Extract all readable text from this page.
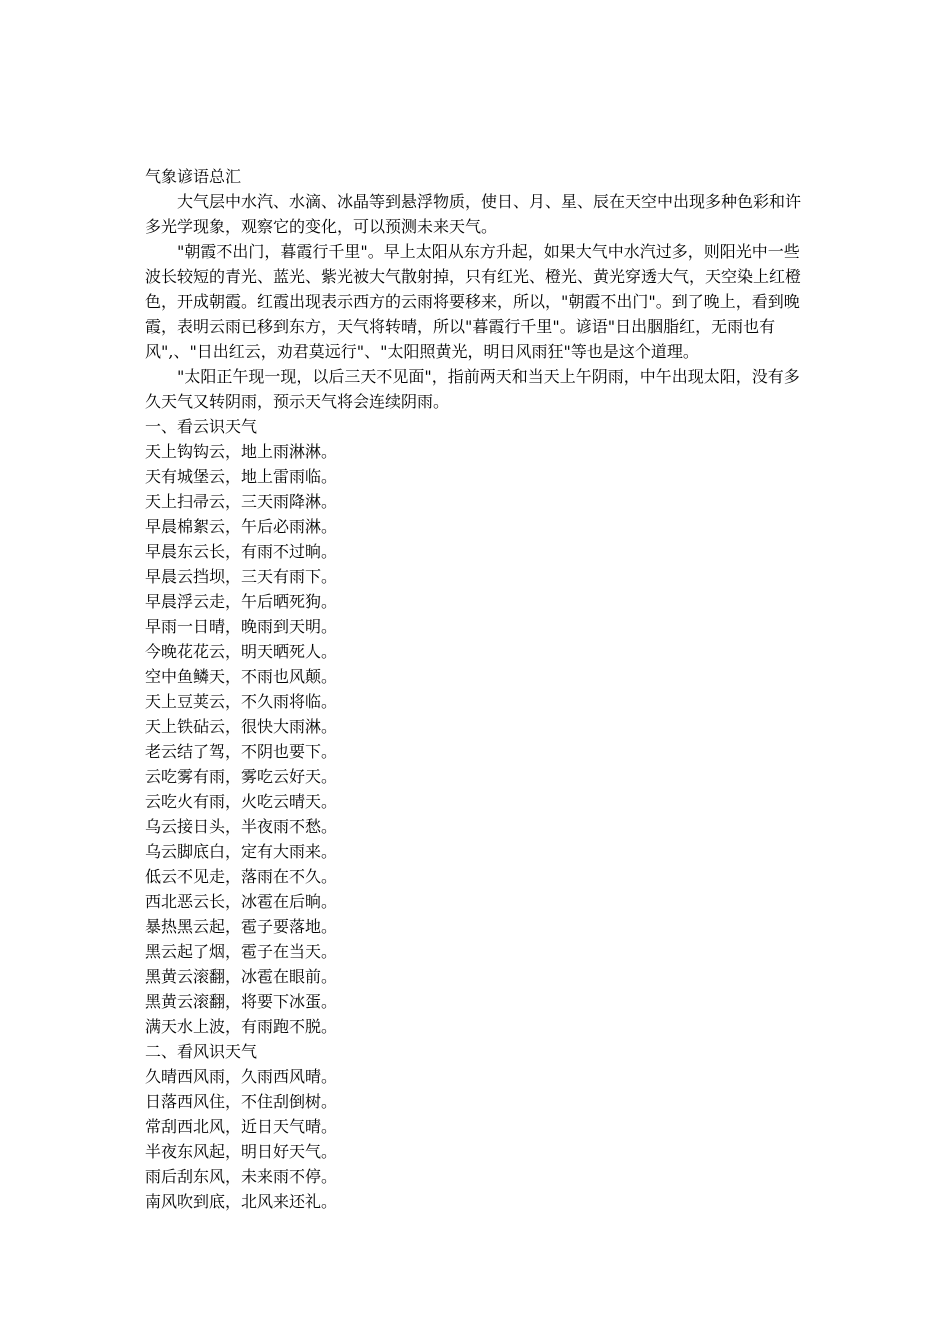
气象谚语总汇

大气层中水汽、水滴、冰晶等到悬浮物质，使日、月、星、辰在天空中出现多种色彩和许多光学现象，观察它的变化，可以预测未来天气。

"朝霞不出门，暮霞行千里"。早上太阳从东方升起，如果大气中水汽过多，则阳光中一些波长较短的青光、蓝光、紫光被大气散射掉，只有红光、橙光、黄光穿透大气，天空染上红橙色，开成朝霞。红霞出现表示西方的云雨将要移来，所以，"朝霞不出门"。到了晚上，看到晚霞，表明云雨已移到东方，天气将转晴，所以"暮霞行千里"。谚语"日出胭脂红，无雨也有风",、"日出红云，劝君莫远行"、"太阳照黄光，明日风雨狂"等也是这个道理。

"太阳正午现一现，以后三天不见面"，指前两天和当天上午阴雨，中午出现太阳，没有多久天气又转阴雨，预示天气将会连续阴雨。

一、看云识天气

天上钩钩云，地上雨淋淋。

天有城堡云，地上雷雨临。

天上扫帚云，三天雨降淋。

早晨棉絮云，午后必雨淋。

早晨东云长，有雨不过晌。

早晨云挡坝，三天有雨下。

早晨浮云走，午后晒死狗。

早雨一日晴，晚雨到天明。

今晚花花云，明天晒死人。

空中鱼鳞天，不雨也风颠。

天上豆荚云，不久雨将临。

天上铁砧云，很快大雨淋。

老云结了驾，不阴也要下。

云吃雾有雨，雾吃云好天。

云吃火有雨，火吃云晴天。

乌云接日头，半夜雨不愁。

乌云脚底白，定有大雨来。

低云不见走，落雨在不久。

西北恶云长，冰雹在后晌。

暴热黑云起，雹子要落地。

黑云起了烟，雹子在当天。

黑黄云滚翻，冰雹在眼前。

黑黄云滚翻，将要下冰蛋。

满天水上波，有雨跑不脱。

二、看风识天气

久晴西风雨，久雨西风晴。

日落西风住，不住刮倒树。

常刮西北风，近日天气晴。

半夜东风起，明日好天气。

雨后刮东风，未来雨不停。

南风吹到底，北风来还礼。
